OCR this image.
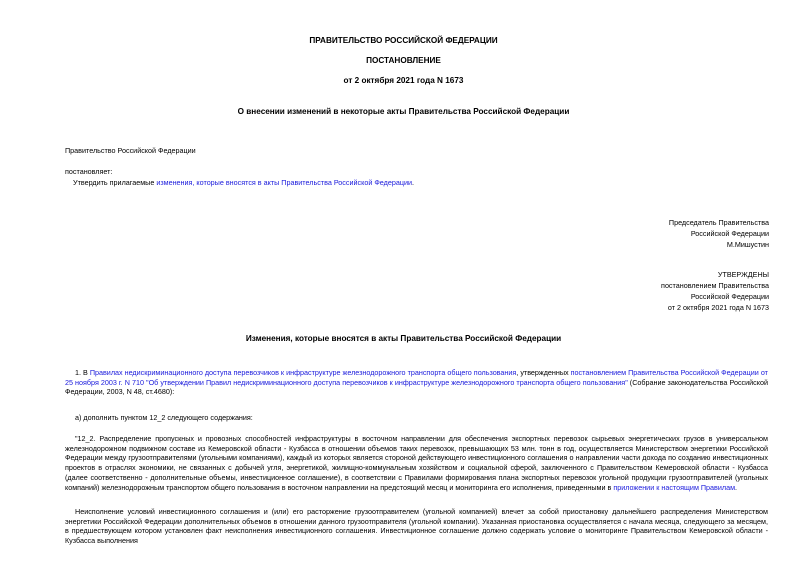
ПРАВИТЕЛЬСТВО РОССИЙСКОЙ ФЕДЕРАЦИИ
ПОСТАНОВЛЕНИЕ
от 2 октября 2021 года N 1673
О внесении изменений в некоторые акты Правительства Российской Федерации
Правительство Российской Федерации
постановляет:
Утвердить прилагаемые изменения, которые вносятся в акты Правительства Российской Федерации.
Председатель Правительства
Российской Федерации
М.Мишустин
УТВЕРЖДЕНЫ
постановлением Правительства
Российской Федерации
от 2 октября 2021 года N 1673
Изменения, которые вносятся в акты Правительства Российской Федерации
1. В Правилах недискриминационного доступа перевозчиков к инфраструктуре железнодорожного транспорта общего пользования, утвержденных постановлением Правительства Российской Федерации от 25 ноября 2003 г. N 710 "Об утверждении Правил недискриминационного доступа перевозчиков к инфраструктуре железнодорожного транспорта общего пользования" (Собрание законодательства Российской Федерации, 2003, N 48, ст.4680):
а) дополнить пунктом 12_2 следующего содержания:
"12_2. Распределение пропускных и провозных способностей инфраструктуры в восточном направлении для обеспечения экспортных перевозок сырьевых энергетических грузов в универсальном железнодорожном подвижном составе из Кемеровской области - Кузбасса в отношении объемов таких перевозок, превышающих 53 млн. тонн в год, осуществляется Министерством энергетики Российской Федерации между грузоотправителями (угольными компаниями), каждый из которых является стороной действующего инвестиционного соглашения о направлении части дохода по созданию инвестиционных проектов в отраслях экономики, не связанных с добычей угля, энергетикой, жилищно-коммунальным хозяйством и социальной сферой, заключенного с Правительством Кемеровской области - Кузбасса (далее соответственно - дополнительные объемы, инвестиционное соглашение), в соответствии с Правилами формирования плана экспортных перевозок угольной продукции грузоотправителей (угольных компаний) железнодорожным транспортом общего пользования в восточном направлении на предстоящий месяц и мониторинга его исполнения, приведенными в приложении к настоящим Правилам.
Неисполнение условий инвестиционного соглашения и (или) его расторжение грузоотправителем (угольной компанией) влечет за собой приостановку дальнейшего распределения Министерством энергетики Российской Федерации дополнительных объемов в отношении данного грузоотправителя (угольной компании). Указанная приостановка осуществляется с начала месяца, следующего за месяцем, в предшествующем котором установлен факт неисполнения инвестиционного соглашения. Инвестиционное соглашение должно содержать условие о мониторинге Правительством Кемеровской области - Кузбасса выполнения
